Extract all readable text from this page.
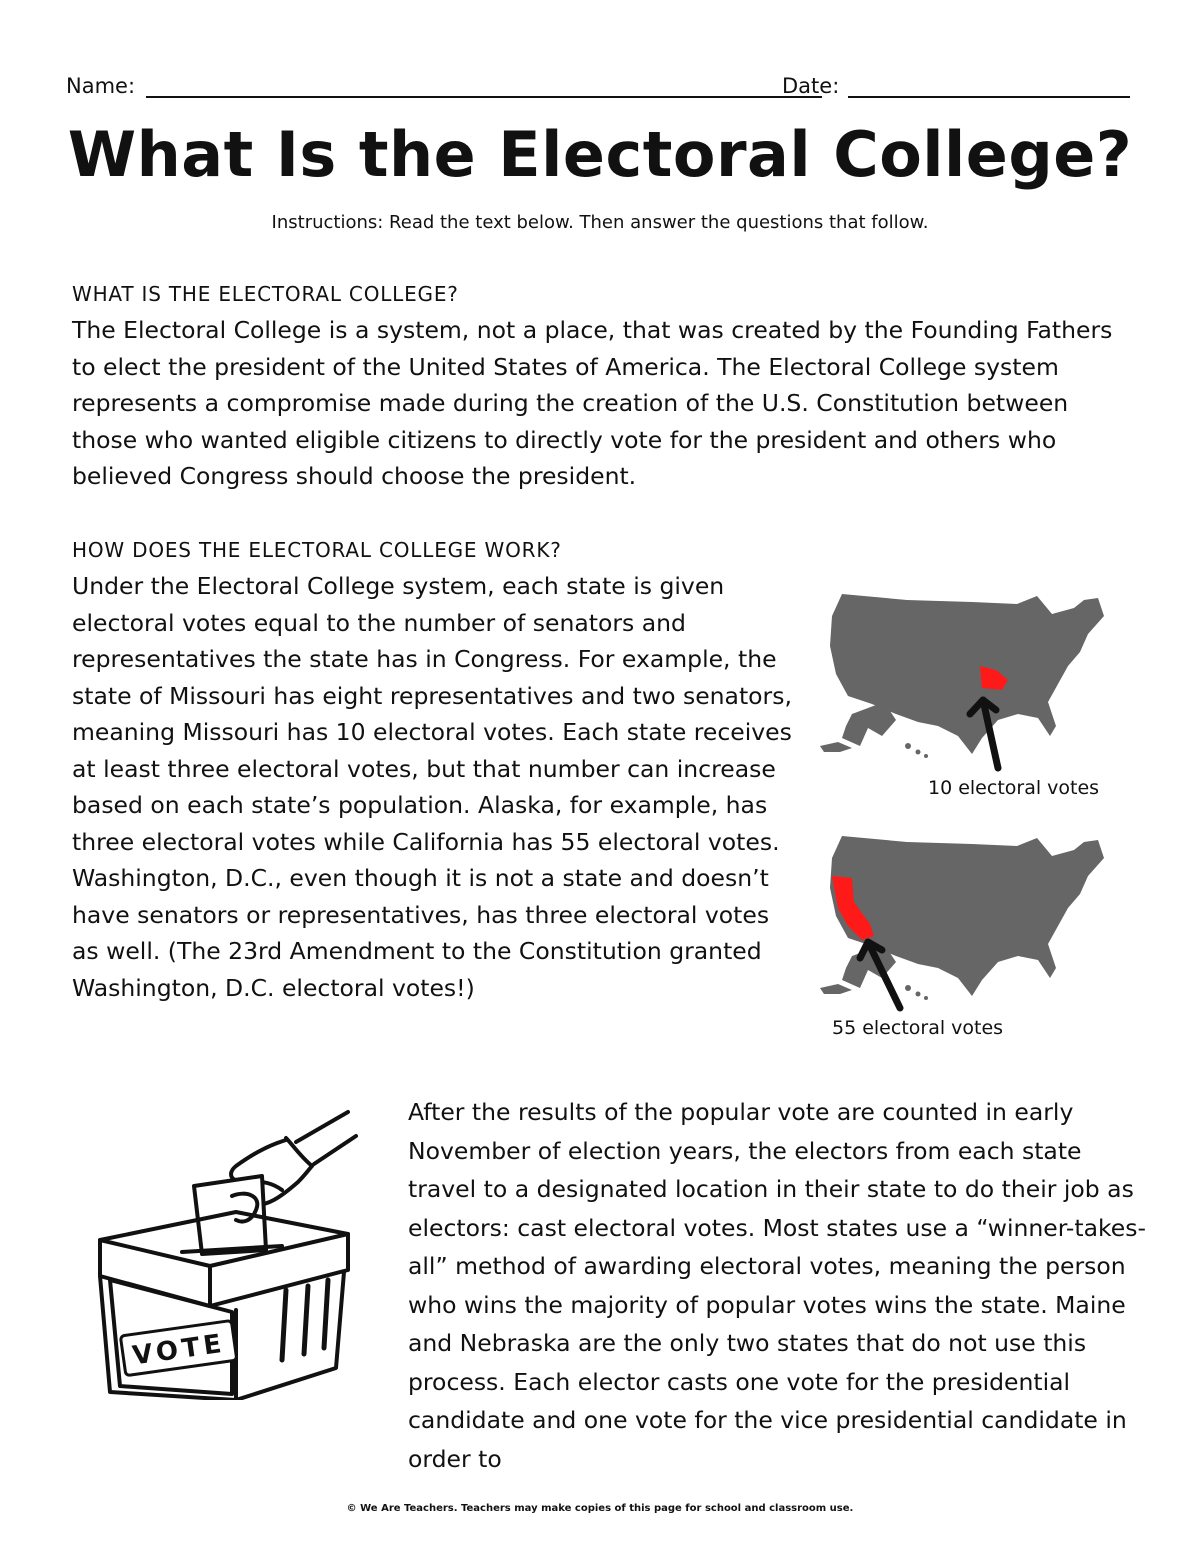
Name:	Date:
What Is the Electoral College?
Instructions: Read the text below. Then answer the questions that follow.
WHAT IS THE ELECTORAL COLLEGE?

The Electoral College is a system, not a place, that was created by the Founding Fathers to elect the president of the United States of America. The Electoral College system represents a compromise made during the creation of the U.S. Constitution between those who wanted eligible citizens to directly vote for the president and others who believed Congress should choose the president.

HOW DOES THE ELECTORAL COLLEGE WORK?

Under the Electoral College system, each state is given electoral votes equal to the number of senators and representatives the state has in Congress. For example, the state of Missouri has eight representatives and two senators, meaning Missouri has 10 electoral votes. Each state receives at least three electoral votes, but that number can increase based on each state’s population. Alaska, for example, has three electoral votes while California has 55 electoral votes. Washington, D.C., even though it is not a state and doesn’t have senators or representatives, has three electoral votes as well. (The 23rd Amendment to the Constitution granted Washington, D.C. electoral votes!)

10 electoral votes
55 electoral votes
VOTE

After the results of the popular vote are counted in early November of election years, the electors from each state travel to a designated location in their state to do their job as electors: cast electoral votes. Most states use a “winner-takes-all” method of awarding electoral votes, meaning the person who wins the majority of popular votes wins the state. Maine and Nebraska are the only two states that do not use this process. Each elector casts one vote for the presidential candidate and one vote for the vice presidential candidate in order to

© We Are Teachers. Teachers may make copies of this page for school and classroom use.
